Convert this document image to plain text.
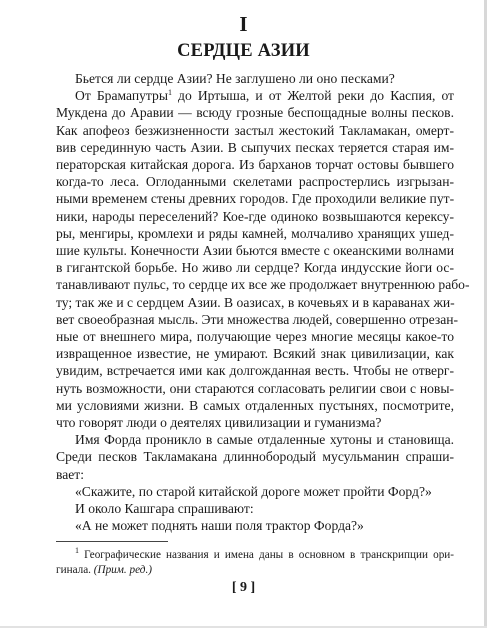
I
СЕРДЦЕ АЗИИ
Бьется ли сердце Азии? Не заглушено ли оно песками?
От Брамапутры$^1$ до Иртыша, и от Желтой реки до Каспия, от
Мукдена до Аравии — всюду грозные беспощадные волны песков.
Как апофеоз безжизненности застыл жестокий Такламакан, омерт-
вив серединную часть Азии. В сыпучих песках теряется старая им-
ператорская китайская дорога. Из барханов торчат остовы бывшего
когда-то леса. Оглоданными скелетами распростерлись изгрызан-
ными временем стены древних городов. Где проходили великие пут-
ники, народы переселений? Кое-где одиноко возвышаются керексу-
ры, менгиры, кромлехи и ряды камней, молчаливо хранящих ушед-
шие культы. Конечности Азии бьются вместе с океанскими волнами
в гигантской борьбе. Но живо ли сердце? Когда индусские йоги ос-
танавливают пульс, то сердце их все же продолжает внутреннюю рабо-
ту; так же и с сердцем Азии. В оазисах, в кочевьях и в караванах жи-
вет своеобразная мысль. Эти множества людей, совершенно отрезан-
ные от внешнего мира, получающие через многие месяцы какое-то
извращенное известие, не умирают. Всякий знак цивилизации, как
увидим, встречается ими как долгожданная весть. Чтобы не отверг-
нуть возможности, они стараются согласовать религии свои с новы-
ми условиями жизни. В самых отдаленных пустынях, посмотрите,
что говорят люди о деятелях цивилизации и гуманизма?
Имя Форда проникло в самые отдаленные хутоны и становища.
Среди песков Такламакана длиннобородый мусульманин спраши-
вает:
«Скажите, по старой китайской дороге может пройти Форд?»
И около Кашгара спрашивают:
«А не может поднять наши поля трактор Форда?»
$^1$ Географические названия и имена даны в основном в транскрипции ори-
гинала. (Прим. ред.)
[ 9 ]
